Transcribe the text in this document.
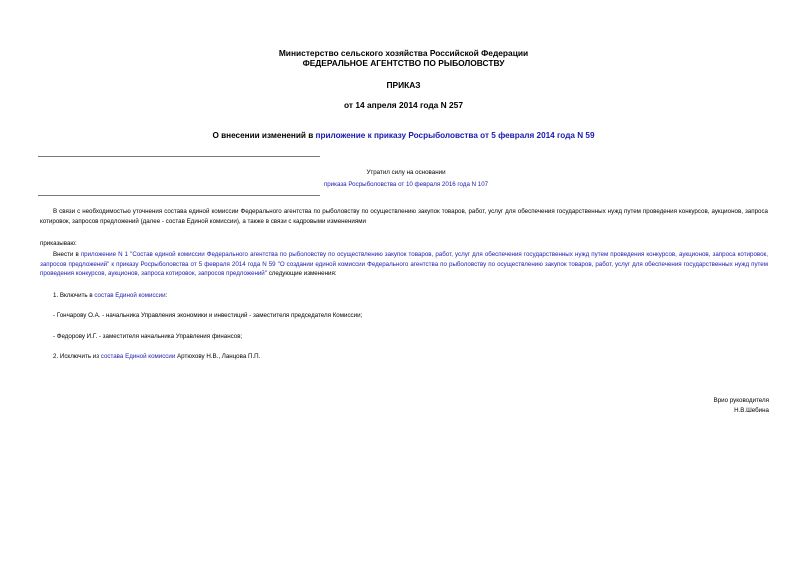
Министерство сельского хозяйства Российской Федерации
ФЕДЕРАЛЬНОЕ АГЕНТСТВО ПО РЫБОЛОВСТВУ
ПРИКАЗ
от 14 апреля 2014 года N 257
О внесении изменений в приложение к приказу Росрыболовства от 5 февраля 2014 года N 59
Утратил силу на основании
приказа Росрыболовства от 10 февраля 2016 года N 107
В связи с необходимостью уточнения состава единой комиссии Федерального агентства по рыболовству по осуществлению закупок товаров, работ, услуг для обеспечения государственных нужд путем проведения конкурсов, аукционов, запроса котировок, запросов предложений (далее - состав Единой комиссии), а также в связи с кадровыми изменениями
приказываю:
Внести в приложение N 1 "Состав единой комиссии Федерального агентства по рыболовству по осуществлению закупок товаров, работ, услуг для обеспечения государственных нужд путем проведения конкурсов, аукционов, запроса котировок, запросов предложений" к приказу Росрыболовства от 5 февраля 2014 года N 59 "О создании единой комиссии Федерального агентства по рыболовству по осуществлению закупок товаров, работ, услуг для обеспечения государственных нужд путем проведения конкурсов, аукционов, запроса котировок, запросов предложений" следующие изменения:
1. Включить в состав Единой комиссии:
- Гончарову О.А. - начальника Управления экономики и инвестиций - заместителя председателя Комиссии;
- Федорову И.Г. - заместителя начальника Управления финансов;
2. Исключить из состава Единой комиссии Артюхову Н.В., Ланцова П.П.
Врио руководителя
Н.В.Шебина
